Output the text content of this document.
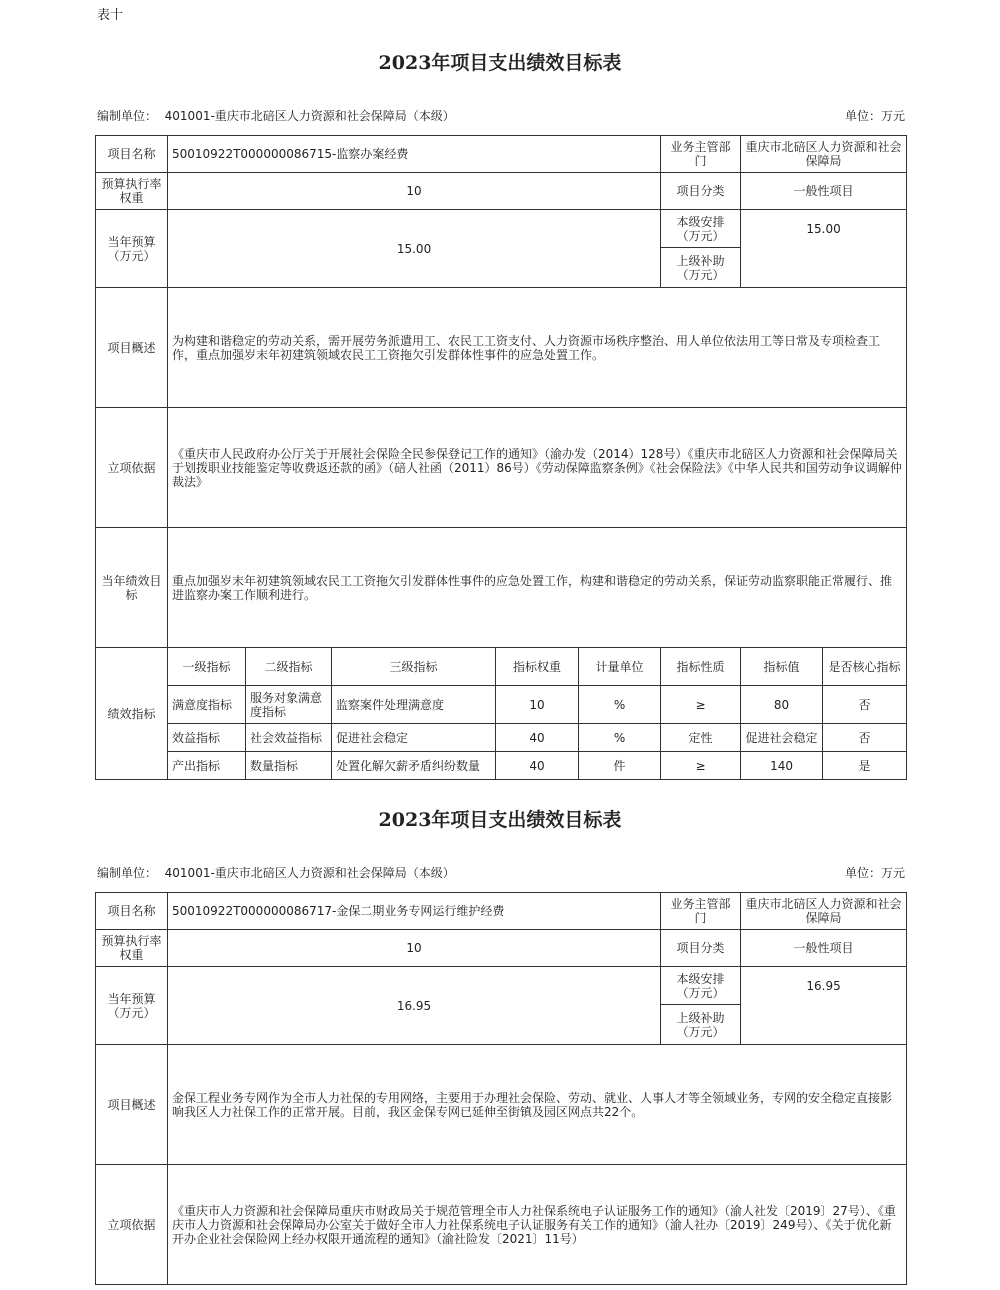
表十
2023年项目支出绩效目标表
编制单位： 401001-重庆市北碚区人力资源和社会保障局（本级）	单位：万元
项目名称	50010922T000000086715-监察办案经费					业务主管部门	重庆市北碚区人力资源和社会保障局	
预算执行率权重	10					项目分类	一般性项目	
当年预算（万元）	15.00					本级安排（万元）	15.00	
						上级补助（万元）		
项目概述	为构建和谐稳定的劳动关系，需开展劳务派遣用工、农民工工资支付、人力资源市场秩序整治、用人单位依法用工等日常及专项检查工作，重点加强岁末年初建筑领域农民工工资拖欠引发群体性事件的应急处置工作。							
立项依据	《重庆市人民政府办公厅关于开展社会保险全民参保登记工作的通知》（渝办发（2014）128号）《重庆市北碚区人力资源和社会保障局关于划拨职业技能鉴定等收费返还款的函》（碚人社函（2011）86号）《劳动保障监察条例》《社会保险法》《中华人民共和国劳动争议调解仲裁法》							
当年绩效目标	重点加强岁末年初建筑领域农民工工资拖欠引发群体性事件的应急处置工作，构建和谐稳定的劳动关系，保证劳动监察职能正常履行、推进监察办案工作顺利进行。							
绩效指标	一级指标	二级指标	三级指标	指标权重	计量单位	指标性质	指标值	是否核心指标
	满意度指标	服务对象满意度指标	监察案件处理满意度	10	%	≥	80	否
	效益指标	社会效益指标	促进社会稳定	40	%	定性	促进社会稳定	否
	产出指标	数量指标	处置化解欠薪矛盾纠纷数量	40	件	≥	140	是
2023年项目支出绩效目标表
编制单位： 401001-重庆市北碚区人力资源和社会保障局（本级）	单位：万元
项目名称	50010922T000000086717-金保二期业务专网运行维护经费	业务主管部门	重庆市北碚区人力资源和社会保障局
预算执行率权重	10	项目分类	一般性项目
当年预算（万元）	16.95	本级安排（万元）	16.95
		上级补助（万元）	
项目概述	金保工程业务专网作为全市人力社保的专用网络，主要用于办理社会保险、劳动、就业、人事人才等全领域业务，专网的安全稳定直接影响我区人力社保工作的正常开展。目前，我区金保专网已延伸至街镇及园区网点共22个。		
立项依据	《重庆市人力资源和社会保障局重庆市财政局关于规范管理全市人力社保系统电子认证服务工作的通知》（渝人社发〔2019〕27号）、《重庆市人力资源和社会保障局办公室关于做好全市人力社保系统电子认证服务有关工作的通知》（渝人社办〔2019〕249号）、《关于优化新开办企业社会保险网上经办权限开通流程的通知》（渝社险发〔2021〕11号）		
